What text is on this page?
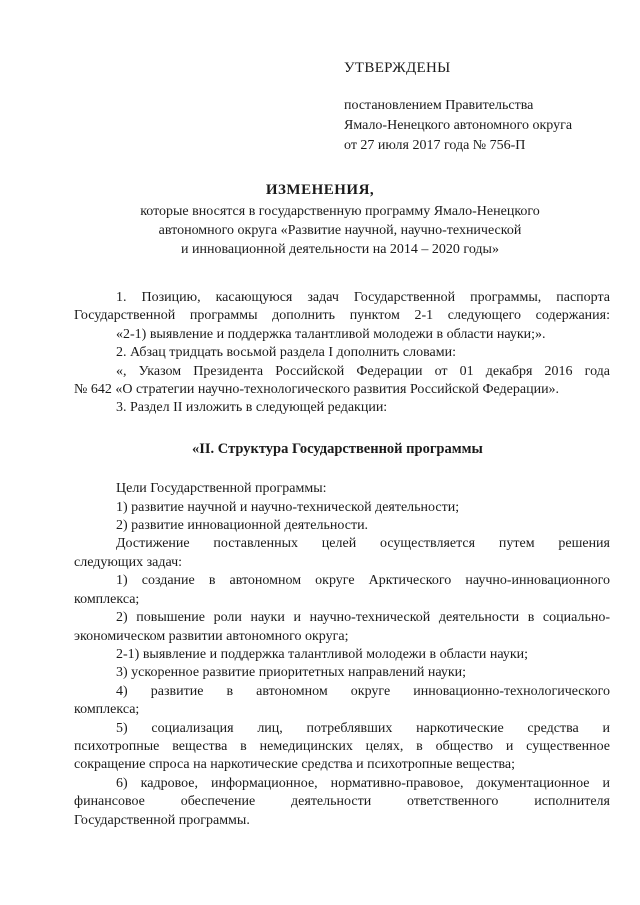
УТВЕРЖДЕНЫ
постановлением Правительства
Ямало-Ненецкого автономного округа
от 27 июля 2017 года № 756-П
ИЗМЕНЕНИЯ,
которые вносятся в государственную программу Ямало-Ненецкого
автономного округа «Развитие научной, научно-технической
и инновационной деятельности на 2014 – 2020 годы»
1. Позицию, касающуюся задач Государственной программы, паспорта
Государственной программы дополнить пунктом 2-1 следующего содержания:
«2-1) выявление и поддержка талантливой молодежи в области науки;».
2. Абзац тридцать восьмой раздела I дополнить словами:
«, Указом Президента Российской Федерации от 01 декабря 2016 года
№ 642 «О стратегии научно-технологического развития Российской Федерации».
3. Раздел II изложить в следующей редакции:
«II. Структура Государственной программы
Цели Государственной программы:
1) развитие научной и научно-технической деятельности;
2) развитие инновационной деятельности.
Достижение поставленных целей осуществляется путем решения
следующих задач:
1) создание в автономном округе Арктического научно-инновационного
комплекса;
2) повышение роли науки и научно-технической деятельности в социально-
экономическом развитии автономного округа;
2-1) выявление и поддержка талантливой молодежи в области науки;
3) ускоренное развитие приоритетных направлений науки;
4) развитие в автономном округе инновационно-технологического
комплекса;
5) социализация лиц, потреблявших наркотические средства и
психотропные вещества в немедицинских целях, в общество и существенное
сокращение спроса на наркотические средства и психотропные вещества;
6) кадровое, информационное, нормативно-правовое, документационное и
финансовое обеспечение деятельности ответственного исполнителя
Государственной программы.
